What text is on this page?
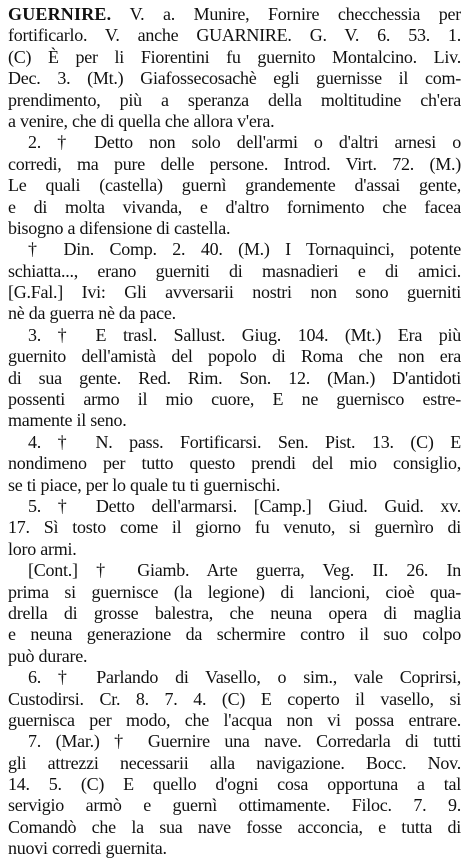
GUERNIRE. V. a. Munire, Fornire checchessia per
fortificarlo. V. anche GUARNIRE. G. V. 6. 53. 1.
(C) È per li Fiorentini fu guernito Montalcino. Liv.
Dec. 3. (Mt.) Giafossecosachè egli guernisse il com-
prendimento, più a speranza della moltitudine ch'era
a venire, che di quella che allora v'era.
2. † Detto non solo dell'armi o d'altri arnesi o
corredi, ma pure delle persone. Introd. Virt. 72. (M.)
Le quali (castella) guernì grandemente d'assai gente,
e di molta vivanda, e d'altro fornimento che facea
bisogno a difensione di castella.
† Din. Comp. 2. 40. (M.) I Tornaquinci, potente
schiatta..., erano guerniti di masnadieri e di amici.
[G.Fal.] Ivi: Gli avversarii nostri non sono guerniti
nè da guerra nè da pace.
3. † E trasl. Sallust. Giug. 104. (Mt.) Era più
guernito dell'amistà del popolo di Roma che non era
di sua gente. Red. Rim. Son. 12. (Man.) D'antidoti
possenti armo il mio cuore, E ne guernisco estre-
mamente il seno.
4. † N. pass. Fortificarsi. Sen. Pist. 13. (C) E
nondimeno per tutto questo prendi del mio consiglio,
se ti piace, per lo quale tu ti guernischi.
5. † Detto dell'armarsi. [Camp.] Giud. Guid. xv.
17. Sì tosto come il giorno fu venuto, si guernìro di
loro armi.
[Cont.] † Giamb. Arte guerra, Veg. II. 26. In
prima si guernisce (la legione) di lancioni, cioè qua-
drella di grosse balestra, che neuna opera di maglia
e neuna generazione da schermire contro il suo colpo
può durare.
6. † Parlando di Vasello, o sim., vale Coprirsi,
Custodirsi. Cr. 8. 7. 4. (C) E coperto il vasello, si
guernisca per modo, che l'acqua non vi possa entrare.
7. (Mar.) † Guernire una nave. Corredarla di tutti
gli attrezzi necessarii alla navigazione. Bocc. Nov.
14. 5. (C) E quello d'ogni cosa opportuna a tal
servigio armò e guernì ottimamente. Filoc. 7. 9.
Comandò che la sua nave fosse acconcia, e tutta di
nuovi corredi guernita.
